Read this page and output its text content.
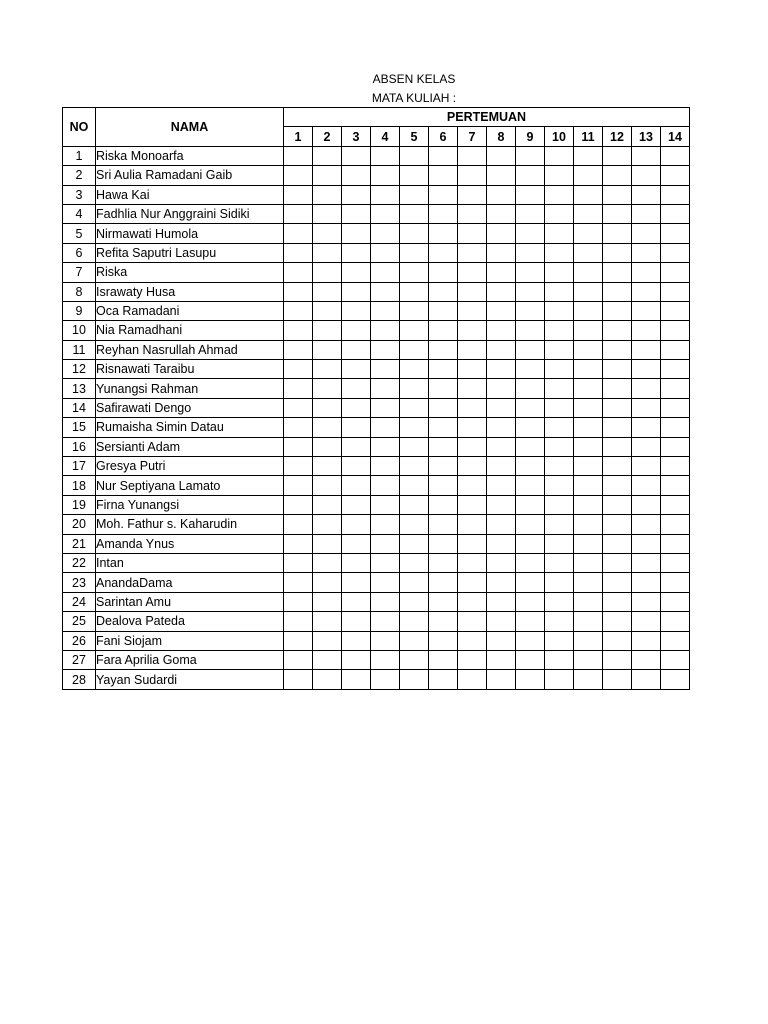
ABSEN KELAS
MATA KULIAH :
NO	NAMA	PERTEMUAN													
		1	2	3	4	5	6	7	8	9	10	11	12	13	14
1	Riska Monoarfa														
2	Sri Aulia Ramadani Gaib														
3	Hawa Kai														
4	Fadhlia Nur Anggraini Sidiki														
5	Nirmawati Humola														
6	Refita Saputri Lasupu														
7	Riska														
8	Israwaty Husa														
9	Oca Ramadani														
10	Nia Ramadhani														
11	Reyhan Nasrullah Ahmad														
12	Risnawati Taraibu														
13	Yunangsi Rahman														
14	Safirawati Dengo														
15	Rumaisha Simin Datau														
16	Sersianti Adam														
17	Gresya Putri														
18	Nur Septiyana Lamato														
19	Firna Yunangsi														
20	Moh. Fathur s. Kaharudin														
21	Amanda Ynus														
22	Intan														
23	AnandaDama														
24	Sarintan Amu														
25	Dealova Pateda														
26	Fani Siojam														
27	Fara Aprilia Goma														
28	Yayan Sudardi														
